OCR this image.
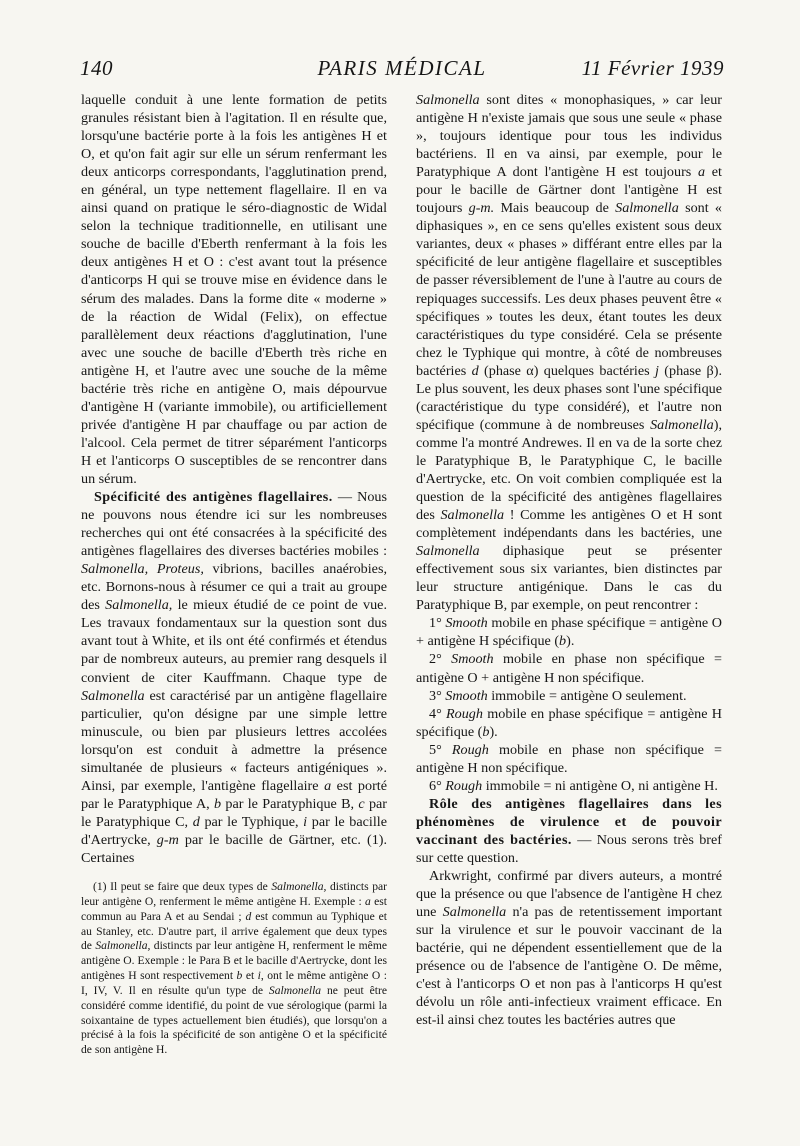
140	PARIS MÉDICAL	11 Février 1939

laquelle conduit à une lente formation de petits granules résistant bien à l'agitation. Il en résulte que, lorsqu'une bactérie porte à la fois les antigènes H et O, et qu'on fait agir sur elle un sérum renfermant les deux anticorps correspondants, l'agglutination prend, en général, un type nettement flagellaire. Il en va ainsi quand on pratique le séro-diagnostic de Widal selon la technique traditionnelle, en utilisant une souche de bacille d'Eberth renfermant à la fois les deux antigènes H et O : c'est avant tout la présence d'anticorps H qui se trouve mise en évidence dans le sérum des malades. Dans la forme dite « moderne » de la réaction de Widal (Felix), on effectue parallèlement deux réactions d'agglutination, l'une avec une souche de bacille d'Eberth très riche en antigène H, et l'autre avec une souche de la même bactérie très riche en antigène O, mais dépourvue d'antigène H (variante immobile), ou artificiellement privée d'antigène H par chauffage ou par action de l'alcool. Cela permet de titrer séparément l'anticorps H et l'anticorps O susceptibles de se rencontrer dans un sérum.

Spécificité des antigènes flagellaires. — Nous ne pouvons nous étendre ici sur les nombreuses recherches qui ont été consacrées à la spécificité des antigènes flagellaires des diverses bactéries mobiles : Salmonella, Proteus, vibrions, bacilles anaérobies, etc. Bornons-nous à résumer ce qui a trait au groupe des Salmonella, le mieux étudié de ce point de vue. Les travaux fondamentaux sur la question sont dus avant tout à White, et ils ont été confirmés et étendus par de nombreux auteurs, au premier rang desquels il convient de citer Kauffmann. Chaque type de Salmonella est caractérisé par un antigène flagellaire particulier, qu'on désigne par une simple lettre minuscule, ou bien par plusieurs lettres accolées lorsqu'on est conduit à admettre la présence simultanée de plusieurs « facteurs antigéniques ». Ainsi, par exemple, l'antigène flagellaire a est porté par le Paratyphique A, b par le Paratyphique B, c par le Paratyphique C, d par le Typhique, i par le bacille d'Aertrycke, g-m par le bacille de Gärtner, etc. (1). Certaines

(1) Il peut se faire que deux types de Salmonella, distincts par leur antigène O, renferment le même antigène H. Exemple : a est commun au Para A et au Sendai ; d est commun au Typhique et au Stanley, etc. D'autre part, il arrive également que deux types de Salmonella, distincts par leur antigène H, renferment le même antigène O. Exemple : le Para B et le bacille d'Aertrycke, dont les antigènes H sont respectivement b et i, ont le même antigène O : I, IV, V. Il en résulte qu'un type de Salmonella ne peut être considéré comme identifié, du point de vue sérologique (parmi la soixantaine de types actuellement bien étudiés), que lorsqu'on a précisé à la fois la spécificité de son antigène O et la spécificité de son antigène H.

Salmonella sont dites « monophasiques, » car leur antigène H n'existe jamais que sous une seule « phase », toujours identique pour tous les individus bactériens. Il en va ainsi, par exemple, pour le Paratyphique A dont l'antigène H est toujours a et pour le bacille de Gärtner dont l'antigène H est toujours g-m. Mais beaucoup de Salmonella sont « diphasiques », en ce sens qu'elles existent sous deux variantes, deux « phases » différant entre elles par la spécificité de leur antigène flagellaire et susceptibles de passer réversiblement de l'une à l'autre au cours de repiquages successifs. Les deux phases peuvent être « spécifiques » toutes les deux, étant toutes les deux caractéristiques du type considéré. Cela se présente chez le Typhique qui montre, à côté de nombreuses bactéries d (phase α) quelques bactéries j (phase β). Le plus souvent, les deux phases sont l'une spécifique (caractéristique du type considéré), et l'autre non spécifique (commune à de nombreuses Salmonella), comme l'a montré Andrewes. Il en va de la sorte chez le Paratyphique B, le Paratyphique C, le bacille d'Aertrycke, etc. On voit combien compliquée est la question de la spécificité des antigènes flagellaires des Salmonella ! Comme les antigènes O et H sont complètement indépendants dans les bactéries, une Salmonella diphasique peut se présenter effectivement sous six variantes, bien distinctes par leur structure antigénique. Dans le cas du Paratyphique B, par exemple, on peut rencontrer :

1° Smooth mobile en phase spécifique = antigène O + antigène H spécifique (b).

2° Smooth mobile en phase non spécifique = antigène O + antigène H non spécifique.

3° Smooth immobile = antigène O seulement.

4° Rough mobile en phase spécifique = antigène H spécifique (b).

5° Rough mobile en phase non spécifique = antigène H non spécifique.

6° Rough immobile = ni antigène O, ni antigène H.

Rôle des antigènes flagellaires dans les phénomènes de virulence et de pouvoir vaccinant des bactéries. — Nous serons très bref sur cette question.

Arkwright, confirmé par divers auteurs, a montré que la présence ou que l'absence de l'antigène H chez une Salmonella n'a pas de retentissement important sur la virulence et sur le pouvoir vaccinant de la bactérie, qui ne dépendent essentiellement que de la présence ou de l'absence de l'antigène O. De même, c'est à l'anticorps O et non pas à l'anticorps H qu'est dévolu un rôle anti-infectieux vraiment efficace. En est-il ainsi chez toutes les bactéries autres que
